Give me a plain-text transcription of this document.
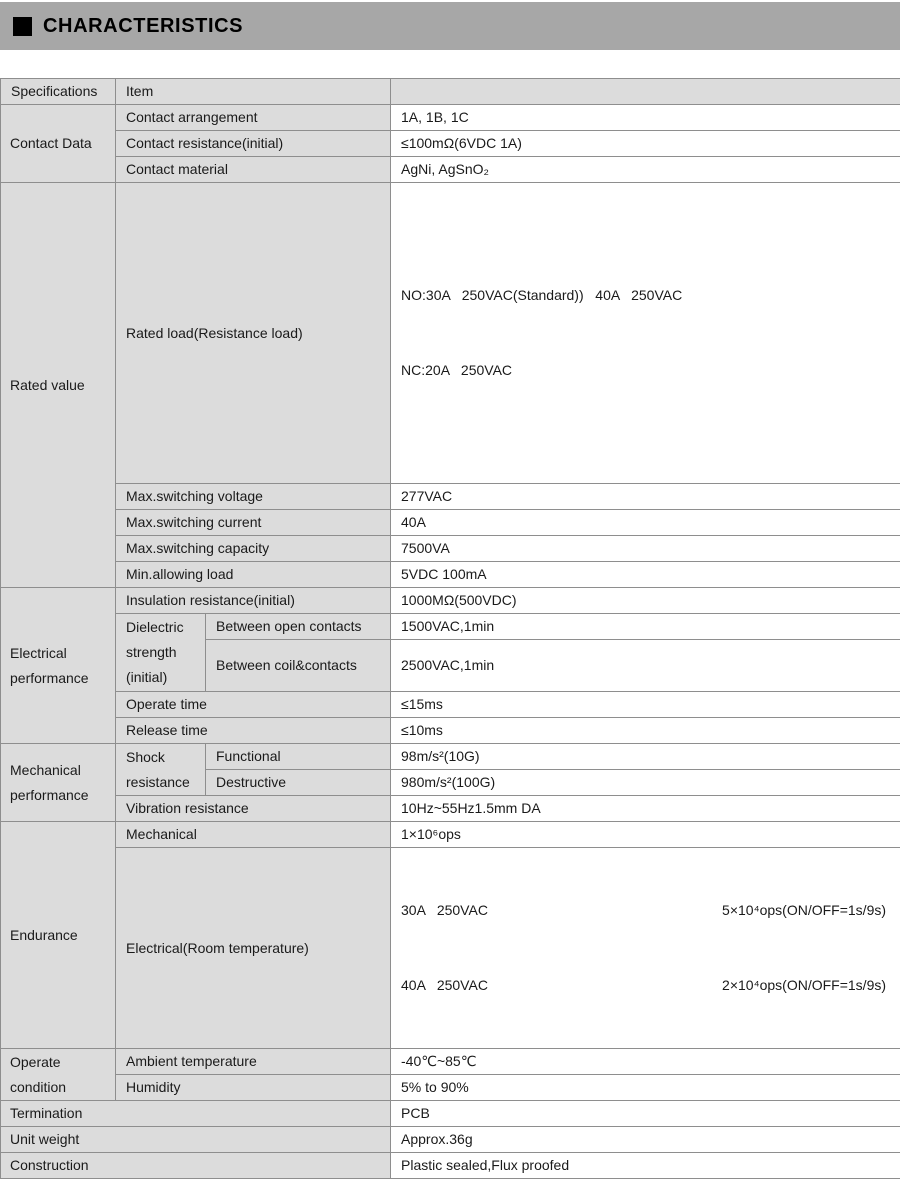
CHARACTERISTICS
Specifications	Item		
Contact Data	Contact arrangement		1A, 1B, 1C
	Contact resistance(initial)		≤100mΩ(6VDC 1A)
	Contact material		AgNi, AgSnO₂
Rated value	Rated load(Resistance load)		NO:30A   250VAC(Standard))   40A   250VAC

NC:20A   250VAC

	Max.switching voltage		277VAC
	Max.switching current		40A
	Max.switching capacity		7500VA
	Min.allowing load		5VDC 100mA
Electrical performance	Insulation resistance(initial)		1000MΩ(500VDC)
	Dielectric strength (initial)	Between open contacts	1500VAC,1min
		Between coil&contacts	2500VAC,1min
	Operate time		≤15ms
	Release time		≤10ms
Mechanical performance	Shock resistance	Functional	98m/s²(10G)
		Destructive	980m/s²(100G)
	Vibration resistance		10Hz~55Hz1.5mm DA
Endurance	Mechanical		1×10⁶ops
	Electrical(Room temperature)		30A   250VAC 5×10⁴ops(ON/OFF=1s/9s)

40A   250VAC 2×10⁴ops(ON/OFF=1s/9s)

Operate condition	Ambient temperature		-40℃~85℃
	Humidity		5% to 90%
Termination			PCB
Unit weight			Approx.36g
Construction			Plastic sealed,Flux proofed
